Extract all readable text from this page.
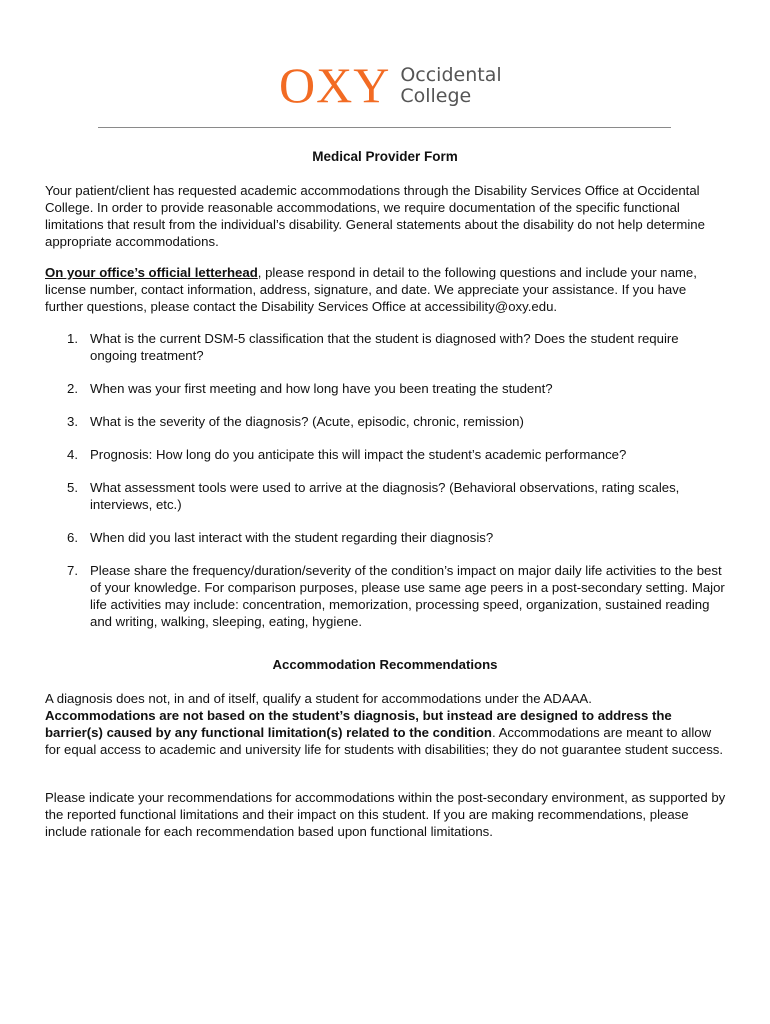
OXY Occidental
College
Medical Provider Form
Your patient/client has requested academic accommodations through the Disability Services Office at Occidental College. In order to provide reasonable accommodations, we require documentation of the specific functional limitations that result from the individual’s disability. General statements about the disability do not help determine appropriate accommodations.
On your office’s official letterhead, please respond in detail to the following questions and include your name, license number, contact information, address, signature, and date. We appreciate your assistance. If you have further questions, please contact the Disability Services Office at accessibility@oxy.edu.
1. What is the current DSM-5 classification that the student is diagnosed with? Does the student require ongoing treatment?
2. When was your first meeting and how long have you been treating the student?
3. What is the severity of the diagnosis? (Acute, episodic, chronic, remission)
4. Prognosis: How long do you anticipate this will impact the student’s academic performance?
5. What assessment tools were used to arrive at the diagnosis? (Behavioral observations, rating scales, interviews, etc.)
6. When did you last interact with the student regarding their diagnosis?
7. Please share the frequency/duration/severity of the condition’s impact on major daily life activities to the best of your knowledge. For comparison purposes, please use same age peers in a post-secondary setting. Major life activities may include: concentration, memorization, processing speed, organization, sustained reading and writing, walking, sleeping, eating, hygiene.
Accommodation Recommendations
A diagnosis does not, in and of itself, qualify a student for accommodations under the ADAAA.
Accommodations are not based on the student’s diagnosis, but instead are designed to address the barrier(s) caused by any functional limitation(s) related to the condition. Accommodations are meant to allow for equal access to academic and university life for students with disabilities; they do not guarantee student success.
Please indicate your recommendations for accommodations within the post-secondary environment, as supported by the reported functional limitations and their impact on this student. If you are making recommendations, please include rationale for each recommendation based upon functional limitations.
